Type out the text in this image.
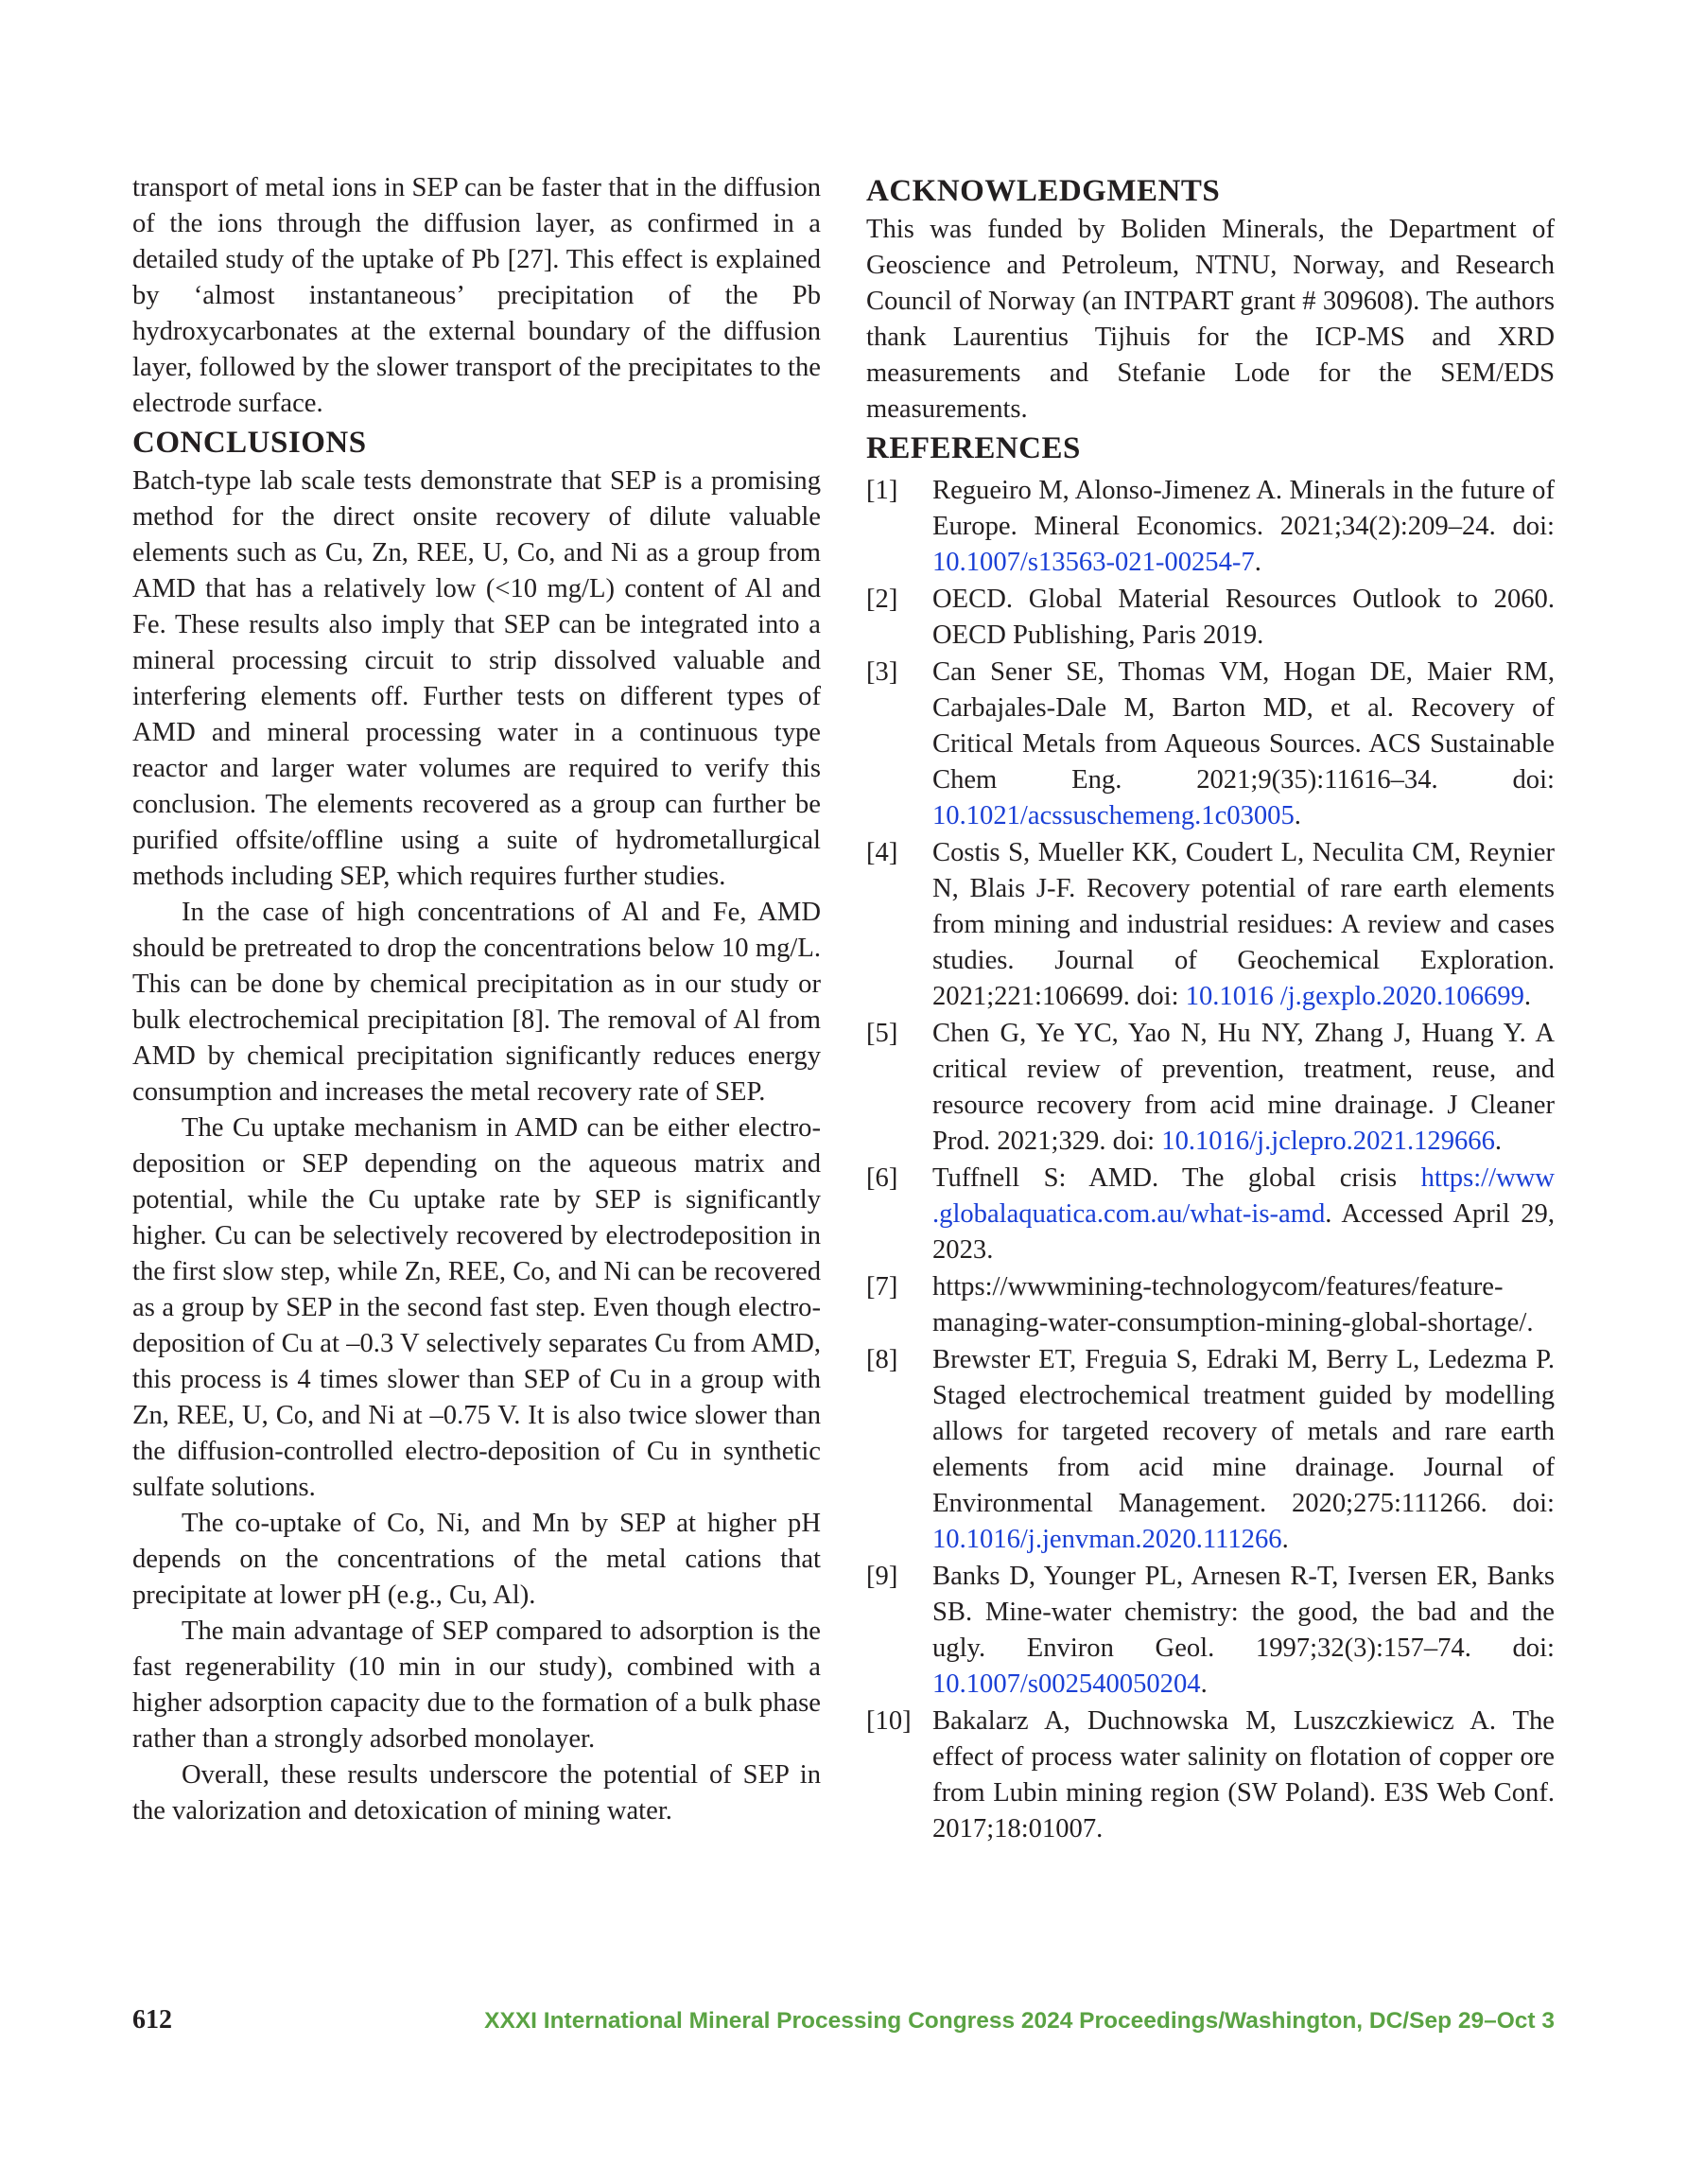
transport of metal ions in SEP can be faster that in the diffusion of the ions through the diffusion layer, as confirmed in a detailed study of the uptake of Pb [27]. This effect is explained by ‘almost instantaneous’ precipitation of the Pb hydroxycarbonates at the external boundary of the diffusion layer, followed by the slower transport of the precipitates to the electrode surface.

CONCLUSIONS

Batch-type lab scale tests demonstrate that SEP is a promising method for the direct onsite recovery of dilute valuable elements such as Cu, Zn, REE, U, Co, and Ni as a group from AMD that has a relatively low (<10 mg/L) content of Al and Fe. These results also imply that SEP can be integrated into a mineral processing circuit to strip dissolved valuable and interfering elements off. Further tests on different types of AMD and mineral processing water in a continuous type reactor and larger water volumes are required to verify this conclusion. The elements recovered as a group can further be purified offsite/offline using a suite of hydrometallurgical methods including SEP, which requires further studies.

In the case of high concentrations of Al and Fe, AMD should be pretreated to drop the concentrations below 10 mg/L. This can be done by chemical precipitation as in our study or bulk electrochemical precipitation [8]. The removal of Al from AMD by chemical precipitation significantly reduces energy consumption and increases the metal recovery rate of SEP.

The Cu uptake mechanism in AMD can be either electro-deposition or SEP depending on the aqueous matrix and potential, while the Cu uptake rate by SEP is significantly higher. Cu can be selectively recovered by electrodeposition in the first slow step, while Zn, REE, Co, and Ni can be recovered as a group by SEP in the second fast step. Even though electro-deposition of Cu at –0.3 V selectively separates Cu from AMD, this process is 4 times slower than SEP of Cu in a group with Zn, REE, U, Co, and Ni at –0.75 V. It is also twice slower than the diffusion-controlled electro-deposition of Cu in synthetic sulfate solutions.

The co-uptake of Co, Ni, and Mn by SEP at higher pH depends on the concentrations of the metal cations that precipitate at lower pH (e.g., Cu, Al).

The main advantage of SEP compared to adsorption is the fast regenerability (10 min in our study), combined with a higher adsorption capacity due to the formation of a bulk phase rather than a strongly adsorbed monolayer.

Overall, these results underscore the potential of SEP in the valorization and detoxication of mining water.

ACKNOWLEDGMENTS

This was funded by Boliden Minerals, the Department of Geoscience and Petroleum, NTNU, Norway, and Research Council of Norway (an INTPART grant # 309608). The authors thank Laurentius Tijhuis for the ICP-MS and XRD measurements and Stefanie Lode for the SEM/EDS measurements.

REFERENCES
[1]	Regueiro M, Alonso-Jimenez A. Minerals in the future of Europe. Mineral Economics. 2021;34(2):209–24. doi: 10.1007/s13563-021-00254-7.
[2]	OECD. Global Material Resources Outlook to 2060. OECD Publishing, Paris 2019.
[3]	Can Sener SE, Thomas VM, Hogan DE, Maier RM, Carbajales-Dale M, Barton MD, et al. Recovery of Critical Metals from Aqueous Sources. ACS Sustainable Chem Eng. 2021;9(35):11616–34. doi: 10.1021/acssuschemeng.1c03005.
[4]	Costis S, Mueller KK, Coudert L, Neculita CM, Reynier N, Blais J-F. Recovery potential of rare earth elements from mining and industrial residues: A review and cases studies. Journal of Geochemical Exploration. 2021;221:106699. doi: 10.1016 /j.gexplo.2020.106699.
[5]	Chen G, Ye YC, Yao N, Hu NY, Zhang J, Huang Y. A critical review of prevention, treatment, reuse, and resource recovery from acid mine drainage. J Cleaner Prod. 2021;329. doi: 10.1016/j.jclepro.2021.129666.
[6]	Tuffnell S: AMD. The global crisis https://www .globalaquatica.com.au/what-is-amd. Accessed April 29, 2023.
[7]	https://wwwmining-technologycom/features/feature-managing-water-consumption-mining-global-shortage/.
[8]	Brewster ET, Freguia S, Edraki M, Berry L, Ledezma P. Staged electrochemical treatment guided by modelling allows for targeted recovery of metals and rare earth elements from acid mine drainage. Journal of Environmental Management. 2020;275:111266. doi: 10.1016/j.jenvman.2020.111266.
[9]	Banks D, Younger PL, Arnesen R-T, Iversen ER, Banks SB. Mine-water chemistry: the good, the bad and the ugly. Environ Geol. 1997;32(3):157–74. doi: 10.1007/s002540050204.
[10] Bakalarz A, Duchnowska M, Luszczkiewicz A. The effect of process water salinity on flotation of copper ore from Lubin mining region (SW Poland). E3S Web Conf. 2017;18:01007.
612	XXXI International Mineral Processing Congress 2024 Proceedings/Washington, DC/Sep 29–Oct 3
